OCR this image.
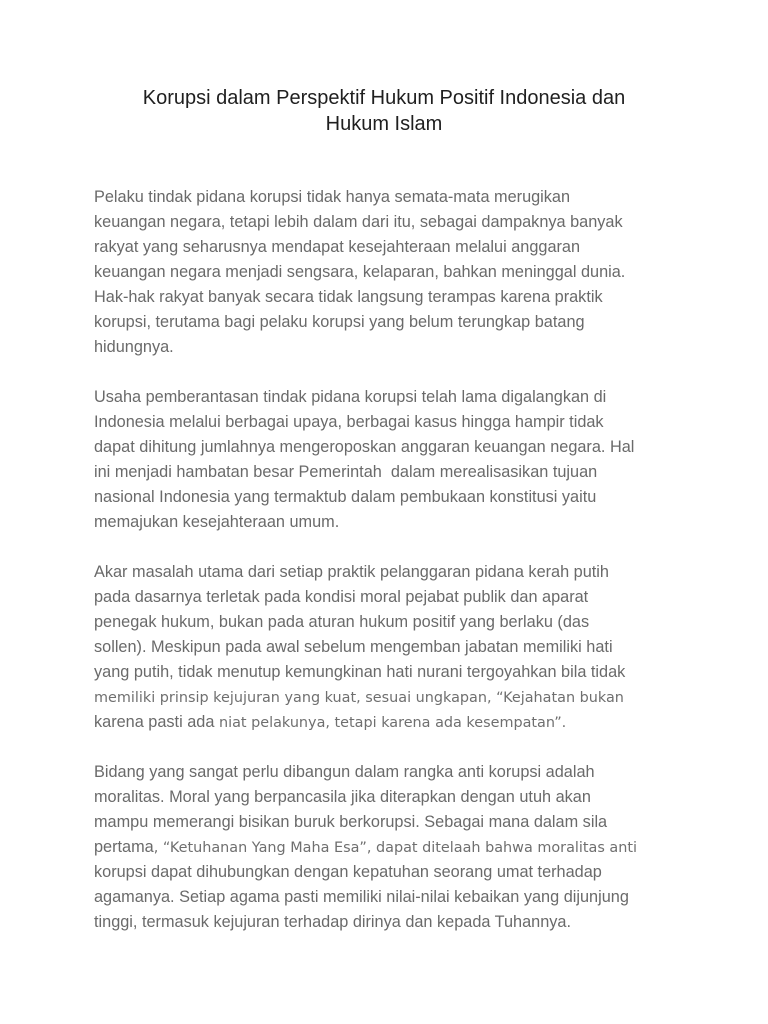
Korupsi dalam Perspektif Hukum Positif Indonesia dan
Hukum Islam

Pelaku tindak pidana korupsi tidak hanya semata-mata merugikan
keuangan negara, tetapi lebih dalam dari itu, sebagai dampaknya banyak
rakyat yang seharusnya mendapat kesejahteraan melalui anggaran
keuangan negara menjadi sengsara, kelaparan, bahkan meninggal dunia.
Hak-hak rakyat banyak secara tidak langsung terampas karena praktik
korupsi, terutama bagi pelaku korupsi yang belum terungkap batang
hidungnya.

Usaha pemberantasan tindak pidana korupsi telah lama digalangkan di
Indonesia melalui berbagai upaya, berbagai kasus hingga hampir tidak
dapat dihitung jumlahnya mengeroposkan anggaran keuangan negara. Hal
ini menjadi hambatan besar Pemerintah  dalam merealisasikan tujuan
nasional Indonesia yang termaktub dalam pembukaan konstitusi yaitu
memajukan kesejahteraan umum.

Akar masalah utama dari setiap praktik pelanggaran pidana kerah putih
pada dasarnya terletak pada kondisi moral pejabat publik dan aparat
penegak hukum, bukan pada aturan hukum positif yang berlaku (das
sollen). Meskipun pada awal sebelum mengemban jabatan memiliki hati
yang putih, tidak menutup kemungkinan hati nurani tergoyahkan bila tidak
memiliki prinsip kejujuran yang kuat, sesuai ungkapan, “Kejahatan bukan
karena pasti ada niat pelakunya, tetapi karena ada kesempatan”.

Bidang yang sangat perlu dibangun dalam rangka anti korupsi adalah
moralitas. Moral yang berpancasila jika diterapkan dengan utuh akan
mampu memerangi bisikan buruk berkorupsi. Sebagai mana dalam sila
pertama, “Ketuhanan Yang Maha Esa”, dapat ditelaah bahwa moralitas anti
korupsi dapat dihubungkan dengan kepatuhan seorang umat terhadap
agamanya. Setiap agama pasti memiliki nilai-nilai kebaikan yang dijunjung
tinggi, termasuk kejujuran terhadap dirinya dan kepada Tuhannya.
